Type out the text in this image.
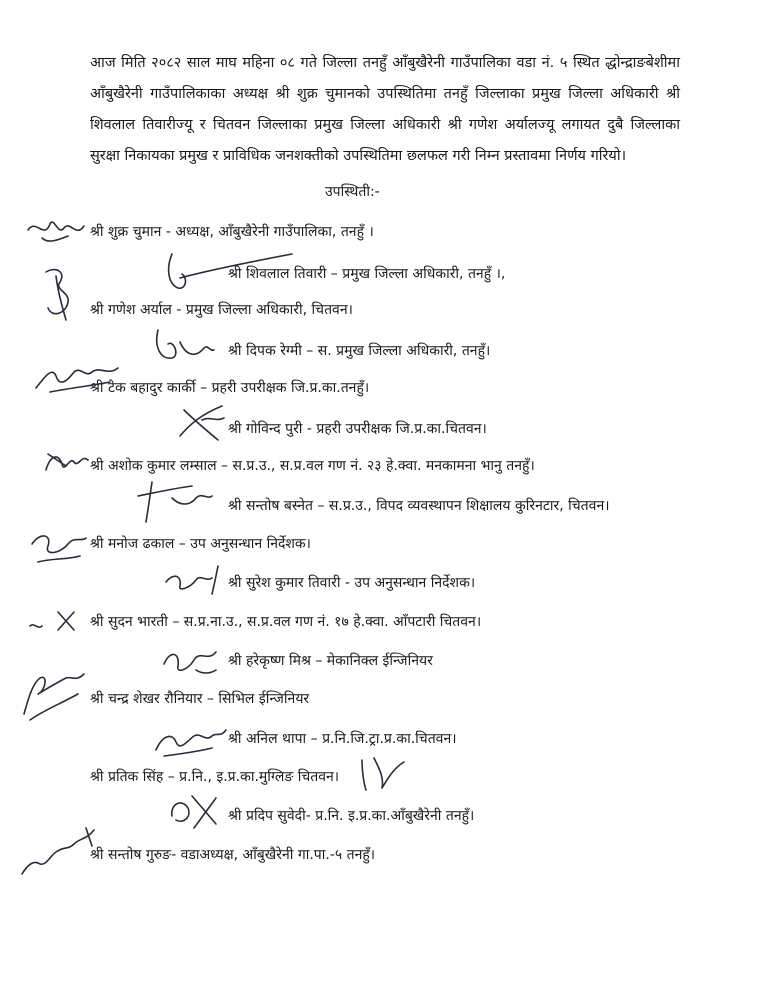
आज मिति २०८२ साल माघ महिना ०८ गते जिल्ला तनहुँ आँबुखैरेनी गाउँपालिका वडा नं. ५ स्थित द्धोन्द्राङबेशीमा आँबुखैरेनी गाउँपालिकाका अध्यक्ष श्री शुक्र चुमानको उपस्थितिमा तनहुँ जिल्लाका प्रमुख जिल्ला अधिकारी श्री शिवलाल तिवारीज्यू र चितवन जिल्लाका प्रमुख जिल्ला अधिकारी श्री गणेश अर्यालज्यू लगायत दुबै जिल्लाका सुरक्षा निकायका प्रमुख र प्राविधिक जनशक्तीको उपस्थितिमा छलफल गरी निम्न प्रस्तावमा निर्णय गरियो।
उपस्थिती:-
श्री शुक्र चुमान - अध्यक्ष, आँबुखैरेनी गाउँपालिका, तनहुँ ।
श्री शिवलाल तिवारी – प्रमुख जिल्ला अधिकारी, तनहुँ ।,
श्री गणेश अर्याल - प्रमुख जिल्ला अधिकारी, चितवन।
श्री दिपक रेग्मी – स. प्रमुख जिल्ला अधिकारी, तनहुँ।
श्री टेक बहादुर कार्की – प्रहरी उपरीक्षक जि.प्र.का.तनहुँ।
श्री गोविन्द पुरी - प्रहरी उपरीक्षक जि.प्र.का.चितवन।
श्री अशोक कुमार लम्साल – स.प्र.उ., स.प्र.वल गण नं. २३ हे.क्वा. मनकामना भानु तनहुँ।
श्री सन्तोष बस्नेत – स.प्र.उ., विपद व्यवस्थापन शिक्षालय कुरिनटार, चितवन।
श्री मनोज ढकाल – उप अनुसन्धान निर्देशक।
श्री सुरेश कुमार तिवारी - उप अनुसन्धान निर्देशक।
श्री सुदन भारती – स.प्र.ना.उ., स.प्र.वल गण नं. १७ हे.क्वा. आँपटारी चितवन।
श्री हरेकृष्ण मिश्र – मेकानिक्ल ईन्जिनियर
श्री चन्द्र शेखर रौनियार – सिभिल ईन्जिनियर
श्री अनिल थापा – प्र.नि.जि.ट्रा.प्र.का.चितवन।
श्री प्रतिक सिंह – प्र.नि., इ.प्र.का.मुग्लिङ चितवन।
श्री प्रदिप सुवेदी- प्र.नि. इ.प्र.का.आँबुखैरेनी तनहुँ।
श्री सन्तोष गुरुङ- वडाअध्यक्ष, आँबुखैरेनी गा.पा.-५ तनहुँ।
